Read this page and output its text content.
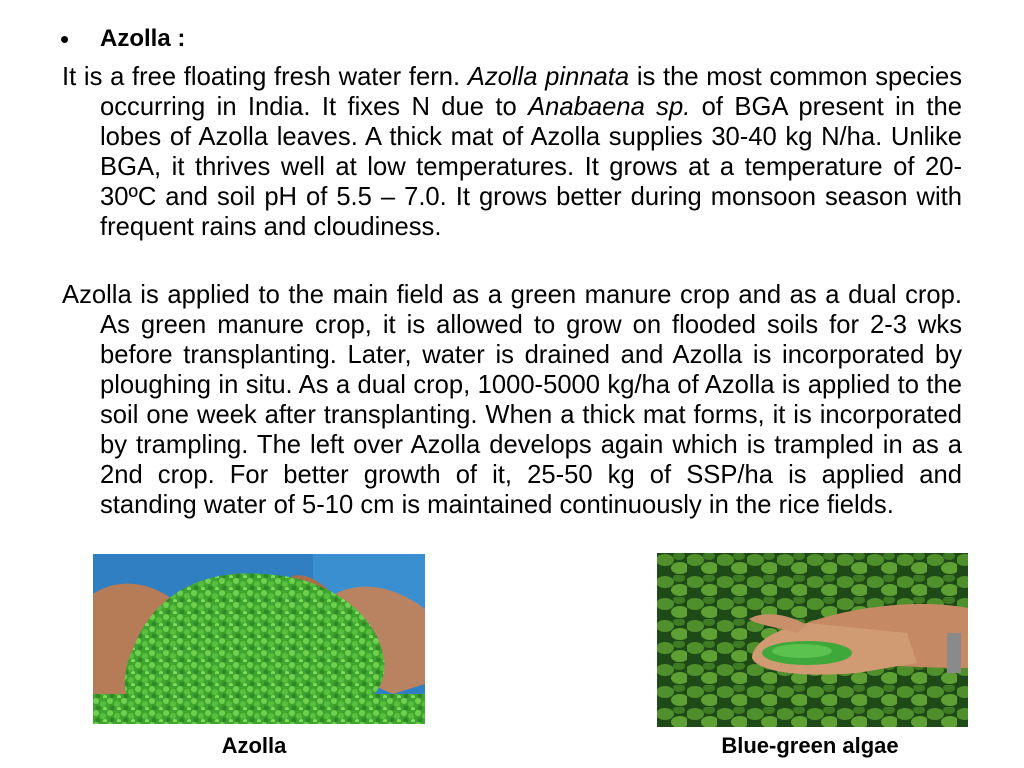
•	Azolla :

It is a free floating fresh water fern. Azolla pinnata is the most common species occurring in India. It fixes N due to Anabaena sp. of BGA present in the lobes of Azolla leaves. A thick mat of Azolla supplies 30-40 kg N/ha. Unlike BGA, it thrives well at low temperatures. It grows at a temperature of 20-30ºC and soil pH of 5.5 – 7.0. It grows better during monsoon season with frequent rains and cloudiness.

Azolla is applied to the main field as a green manure crop and as a dual crop. As green manure crop, it is allowed to grow on flooded soils for 2-3 wks before transplanting. Later, water is drained and Azolla is incorporated by ploughing in situ. As a dual crop, 1000-5000 kg/ha of Azolla is applied to the soil one week after transplanting. When a thick mat forms, it is incorporated by trampling. The left over Azolla develops again which is trampled in as a 2nd crop. For better growth of it, 25-50 kg of SSP/ha is applied and standing water of 5-10 cm is maintained continuously in the rice fields.

Azolla	Blue-green algae
